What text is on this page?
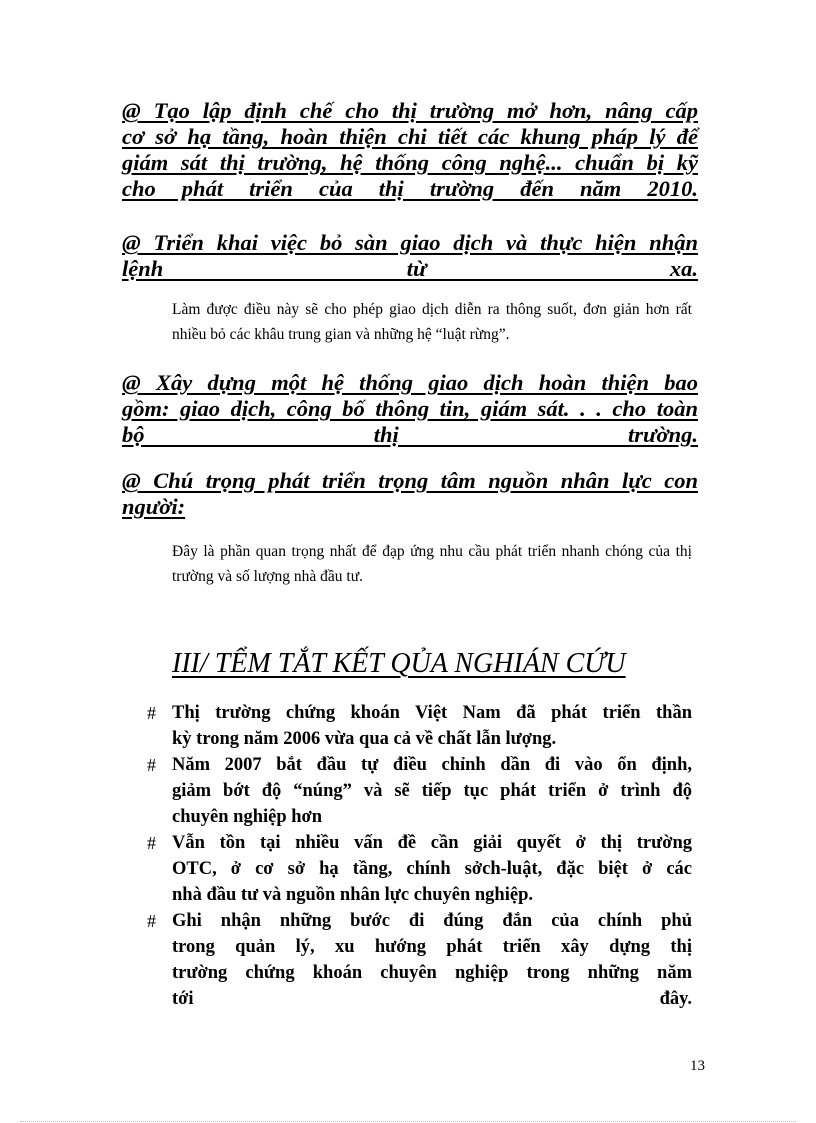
@ Tạo lập định chế cho thị trường mở hơn, nâng cấp
cơ sở hạ tầng, hoàn thiện chi tiết các khung pháp lý để
giám sát thị trường, hệ thống công nghệ... chuẩn bị kỹ
cho phát triển của thị trường đến năm 2010.
@ Triển khai việc bỏ sàn giao dịch và thực hiện nhận
lệnh từ xa.
Làm được điều này sẽ cho phép giao dịch diễn ra thông suốt, đơn giản hơn rất nhiều bỏ các khâu trung gian và những hệ “luật rừng”.
@ Xây dựng một hệ thống giao dịch hoàn thiện bao
gồm: giao dịch, công bố thông tin, giám sát. . . cho toàn
bộ thị trường.
@ Chú trọng phát triển trọng tâm nguồn nhân lực con
người:
Đây là phần quan trọng nhất để đạp ứng nhu cầu phát triển nhanh chóng của thị trường và số lượng nhà đầu tư.
III/ TỂM TẮT KẾT QỦA NGHIÁN CỨU
# Thị trường chứng khoán Việt Nam đã phát triển thần
kỳ trong năm 2006 vừa qua cả về chất lẫn lượng.
# Năm 2007 bắt đầu tự điều chỉnh dần đi vào ổn định,
giảm bớt độ “núng” và sẽ tiếp tục phát triển ở trình độ
chuyên nghiệp hơn
# Vẫn tồn tại nhiều vấn đề cần giải quyết ở thị trường
OTC, ở cơ sở hạ tầng, chính sởch-luật, đặc biệt ở các
nhà đầu tư và nguồn nhân lực chuyên nghiệp.
# Ghi nhận những bước đi đúng đắn của chính phủ
trong quản lý, xu hướng phát triển xây dựng thị
trường chứng khoán chuyên nghiệp trong những năm
tới đây.
13
